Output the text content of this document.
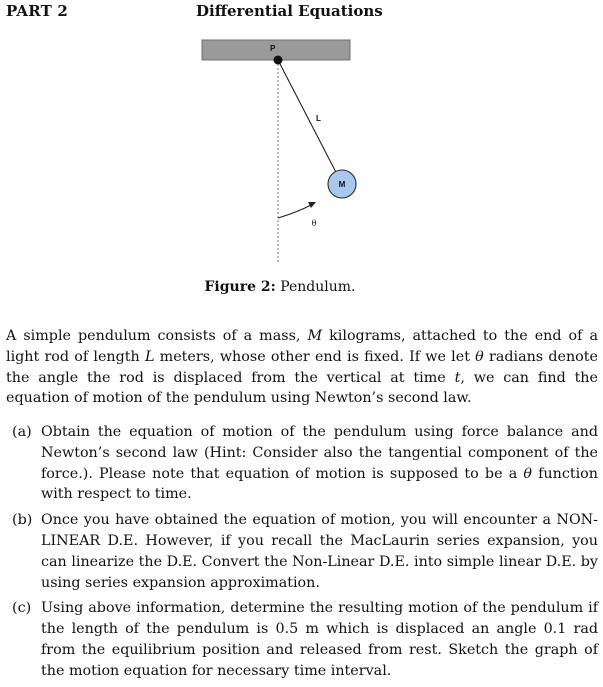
PART 2	Differential Equations
P
L
M
θ
Figure 2: Pendulum.

A simple pendulum consists of a mass, M kilograms, attached to the end of a light rod of length L meters, whose other end is fixed. If we let θ radians denote the angle the rod is displaced from the vertical at time t, we can find the equation of motion of the pendulum using Newton’s second law.

(a) Obtain the equation of motion of the pendulum using force balance and Newton’s second law (Hint: Consider also the tangential component of the force.). Please note that equation of motion is supposed to be a θ function with respect to time.
(b) Once you have obtained the equation of motion, you will encounter a NON-LINEAR D.E. However, if you recall the MacLaurin series expansion, you can linearize the D.E. Convert the Non-Linear D.E. into simple linear D.E. by using series expansion approximation.
(c) Using above information, determine the resulting motion of the pendulum if the length of the pendulum is 0.5 m which is displaced an angle 0.1 rad from the equilibrium position and released from rest. Sketch the graph of the motion equation for necessary time interval.
